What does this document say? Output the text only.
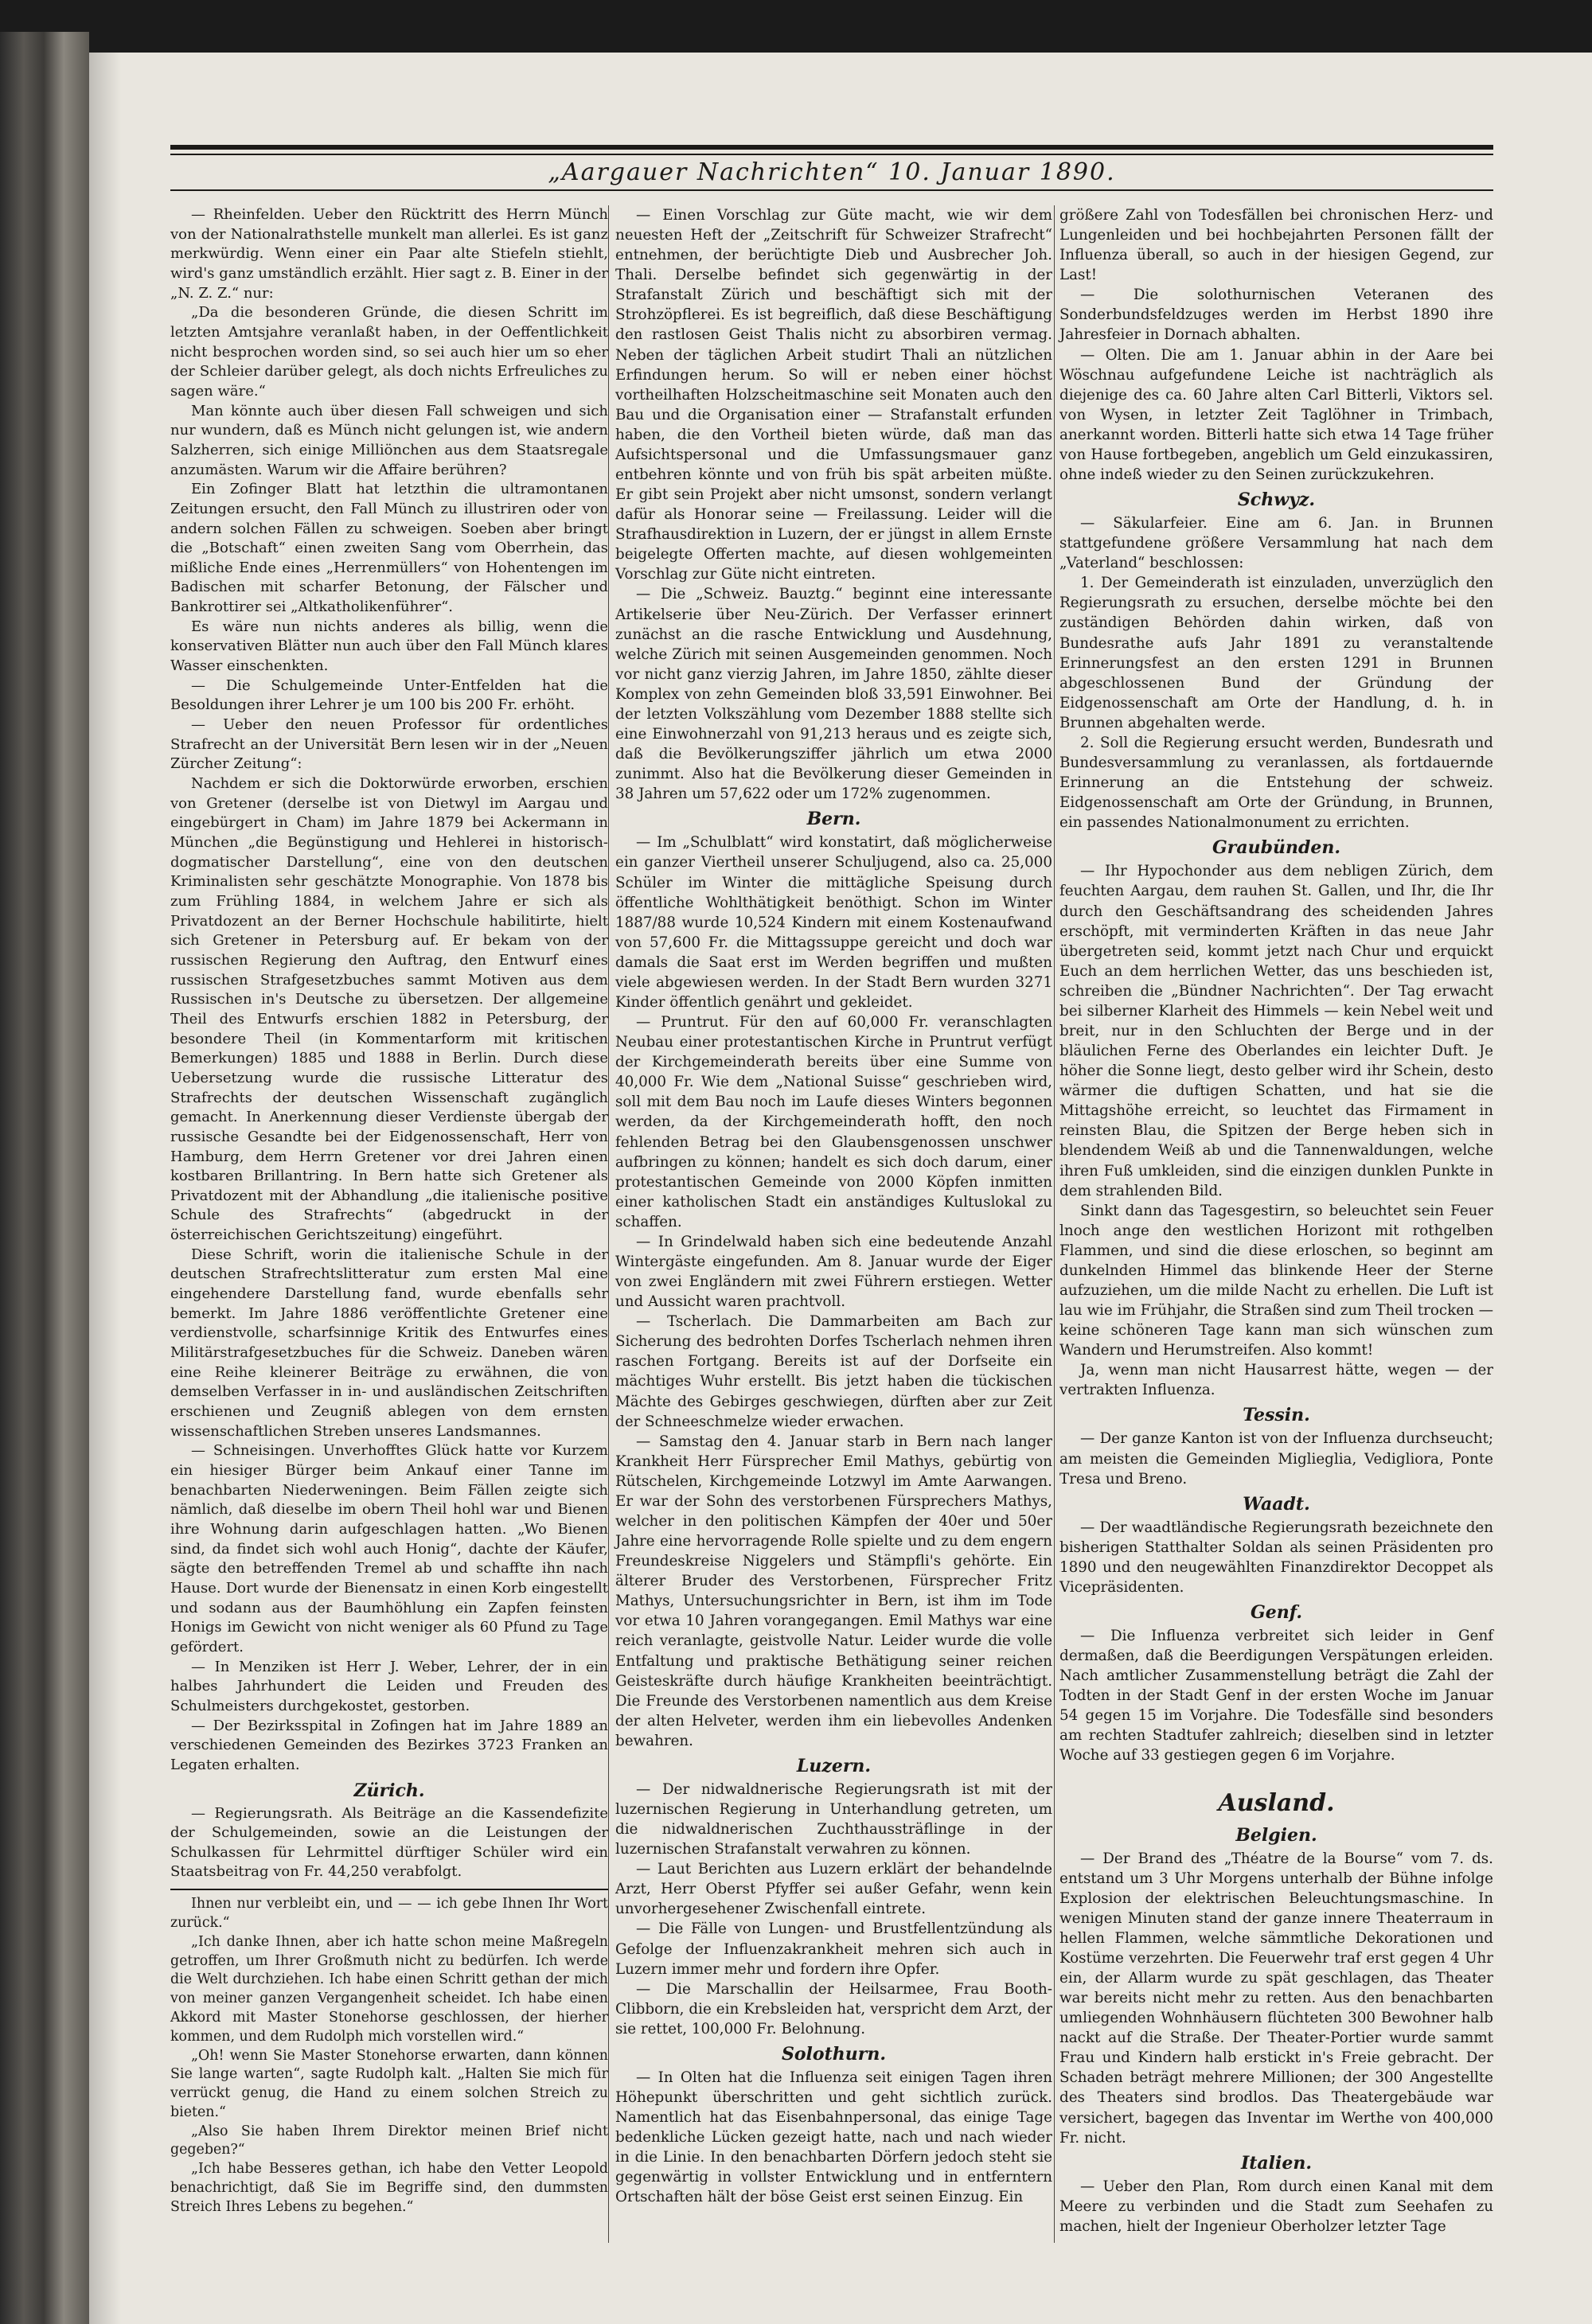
„Aargauer Nachrichten“ 10. Januar 1890.

— Rheinfelden. Ueber den Rücktritt des Herrn Münch von der Nationalrathstelle munkelt man allerlei. Es ist ganz merkwürdig. Wenn einer ein Paar alte Stiefeln stiehlt, wird's ganz umständlich erzählt. Hier sagt z. B. Einer in der „N. Z. Z.“ nur:

„Da die besonderen Gründe, die diesen Schritt im letzten Amtsjahre veranlaßt haben, in der Oeffentlichkeit nicht besprochen worden sind, so sei auch hier um so eher der Schleier darüber gelegt, als doch nichts Erfreuliches zu sagen wäre.“

Man könnte auch über diesen Fall schweigen und sich nur wundern, daß es Münch nicht gelungen ist, wie andern Salzherren, sich einige Milliönchen aus dem Staatsregale anzumästen. Warum wir die Affaire berühren?

Ein Zofinger Blatt hat letzthin die ultramontanen Zeitungen ersucht, den Fall Münch zu illustriren oder von andern solchen Fällen zu schweigen. Soeben aber bringt die „Botschaft“ einen zweiten Sang vom Oberrhein, das mißliche Ende eines „Herrenmüllers“ von Hohentengen im Badischen mit scharfer Betonung, der Fälscher und Bankrottirer sei „Altkatholikenführer“.

Es wäre nun nichts anderes als billig, wenn die konservativen Blätter nun auch über den Fall Münch klares Wasser einschenkten.

— Die Schulgemeinde Unter-Entfelden hat die Besoldungen ihrer Lehrer je um 100 bis 200 Fr. erhöht.

— Ueber den neuen Professor für ordentliches Strafrecht an der Universität Bern lesen wir in der „Neuen Zürcher Zeitung“:

Nachdem er sich die Doktorwürde erworben, erschien von Gretener (derselbe ist von Dietwyl im Aargau und eingebürgert in Cham) im Jahre 1879 bei Ackermann in München „die Begünstigung und Hehlerei in historisch-dogmatischer Darstellung“, eine von den deutschen Kriminalisten sehr geschätzte Monographie. Von 1878 bis zum Frühling 1884, in welchem Jahre er sich als Privatdozent an der Berner Hochschule habilitirte, hielt sich Gretener in Petersburg auf. Er bekam von der russischen Regierung den Auftrag, den Entwurf eines russischen Strafgesetzbuches sammt Motiven aus dem Russischen in's Deutsche zu übersetzen. Der allgemeine Theil des Entwurfs erschien 1882 in Petersburg, der besondere Theil (in Kommentarform mit kritischen Bemerkungen) 1885 und 1888 in Berlin. Durch diese Uebersetzung wurde die russische Litteratur des Strafrechts der deutschen Wissenschaft zugänglich gemacht. In Anerkennung dieser Verdienste übergab der russische Gesandte bei der Eidgenossenschaft, Herr von Hamburg, dem Herrn Gretener vor drei Jahren einen kostbaren Brillantring. In Bern hatte sich Gretener als Privatdozent mit der Abhandlung „die italienische positive Schule des Strafrechts“ (abgedruckt in der österreichischen Gerichtszeitung) eingeführt.

Diese Schrift, worin die italienische Schule in der deutschen Strafrechtslitteratur zum ersten Mal eine eingehendere Darstellung fand, wurde ebenfalls sehr bemerkt. Im Jahre 1886 veröffentlichte Gretener eine verdienstvolle, scharfsinnige Kritik des Entwurfes eines Militärstrafgesetzbuches für die Schweiz. Daneben wären eine Reihe kleinerer Beiträge zu erwähnen, die von demselben Verfasser in in- und ausländischen Zeitschriften erschienen und Zeugniß ablegen von dem ernsten wissenschaftlichen Streben unseres Landsmannes.

— Schneisingen. Unverhofftes Glück hatte vor Kurzem ein hiesiger Bürger beim Ankauf einer Tanne im benachbarten Niederweningen. Beim Fällen zeigte sich nämlich, daß dieselbe im obern Theil hohl war und Bienen ihre Wohnung darin aufgeschlagen hatten. „Wo Bienen sind, da findet sich wohl auch Honig“, dachte der Käufer, sägte den betreffenden Tremel ab und schaffte ihn nach Hause. Dort wurde der Bienensatz in einen Korb eingestellt und sodann aus der Baumhöhlung ein Zapfen feinsten Honigs im Gewicht von nicht weniger als 60 Pfund zu Tage gefördert.

— In Menziken ist Herr J. Weber, Lehrer, der in ein halbes Jahrhundert die Leiden und Freuden des Schulmeisters durchgekostet, gestorben.

— Der Bezirksspital in Zofingen hat im Jahre 1889 an verschiedenen Gemeinden des Bezirkes 3723 Franken an Legaten erhalten.

Zürich.

— Regierungsrath. Als Beiträge an die Kassendefizite der Schulgemeinden, sowie an die Leistungen der Schulkassen für Lehrmittel dürftiger Schüler wird ein Staatsbeitrag von Fr. 44,250 verabfolgt.

Ihnen nur verbleibt ein, und — — ich gebe Ihnen Ihr Wort zurück.“

„Ich danke Ihnen, aber ich hatte schon meine Maßregeln getroffen, um Ihrer Großmuth nicht zu bedürfen. Ich werde die Welt durchziehen. Ich habe einen Schritt gethan der mich von meiner ganzen Vergangenheit scheidet. Ich habe einen Akkord mit Master Stonehorse geschlossen, der hierher kommen, und dem Rudolph mich vorstellen wird.“

„Oh! wenn Sie Master Stonehorse erwarten, dann können Sie lange warten“, sagte Rudolph kalt. „Halten Sie mich für verrückt genug, die Hand zu einem solchen Streich zu bieten.“

„Also Sie haben Ihrem Direktor meinen Brief nicht gegeben?“

„Ich habe Besseres gethan, ich habe den Vetter Leopold benachrichtigt, daß Sie im Begriffe sind, den dummsten Streich Ihres Lebens zu begehen.“

— Einen Vorschlag zur Güte macht, wie wir dem neuesten Heft der „Zeitschrift für Schweizer Strafrecht“ entnehmen, der berüchtigte Dieb und Ausbrecher Joh. Thali. Derselbe befindet sich gegenwärtig in der Strafanstalt Zürich und beschäftigt sich mit der Strohzöpflerei. Es ist begreiflich, daß diese Beschäftigung den rastlosen Geist Thalis nicht zu absorbiren vermag. Neben der täglichen Arbeit studirt Thali an nützlichen Erfindungen herum. So will er neben einer höchst vortheilhaften Holzscheitmaschine seit Monaten auch den Bau und die Organisation einer — Strafanstalt erfunden haben, die den Vortheil bieten würde, daß man das Aufsichtspersonal und die Umfassungsmauer ganz entbehren könnte und von früh bis spät arbeiten müßte. Er gibt sein Projekt aber nicht umsonst, sondern verlangt dafür als Honorar seine — Freilassung. Leider will die Strafhausdirektion in Luzern, der er jüngst in allem Ernste beigelegte Offerten machte, auf diesen wohlgemeinten Vorschlag zur Güte nicht eintreten.

— Die „Schweiz. Bauztg.“ beginnt eine interessante Artikelserie über Neu-Zürich. Der Verfasser erinnert zunächst an die rasche Entwicklung und Ausdehnung, welche Zürich mit seinen Ausgemeinden genommen. Noch vor nicht ganz vierzig Jahren, im Jahre 1850, zählte dieser Komplex von zehn Gemeinden bloß 33,591 Einwohner. Bei der letzten Volkszählung vom Dezember 1888 stellte sich eine Einwohnerzahl von 91,213 heraus und es zeigte sich, daß die Bevölkerungsziffer jährlich um etwa 2000 zunimmt. Also hat die Bevölkerung dieser Gemeinden in 38 Jahren um 57,622 oder um 172% zugenommen.

Bern.

— Im „Schulblatt“ wird konstatirt, daß möglicherweise ein ganzer Viertheil unserer Schuljugend, also ca. 25,000 Schüler im Winter die mittägliche Speisung durch öffentliche Wohlthätigkeit benöthigt. Schon im Winter 1887/88 wurde 10,524 Kindern mit einem Kostenaufwand von 57,600 Fr. die Mittagssuppe gereicht und doch war damals die Saat erst im Werden begriffen und mußten viele abgewiesen werden. In der Stadt Bern wurden 3271 Kinder öffentlich genährt und gekleidet.

— Pruntrut. Für den auf 60,000 Fr. veranschlagten Neubau einer protestantischen Kirche in Pruntrut verfügt der Kirchgemeinderath bereits über eine Summe von 40,000 Fr. Wie dem „National Suisse“ geschrieben wird, soll mit dem Bau noch im Laufe dieses Winters begonnen werden, da der Kirchgemeinderath hofft, den noch fehlenden Betrag bei den Glaubensgenossen unschwer aufbringen zu können; handelt es sich doch darum, einer protestantischen Gemeinde von 2000 Köpfen inmitten einer katholischen Stadt ein anständiges Kultuslokal zu schaffen.

— In Grindelwald haben sich eine bedeutende Anzahl Wintergäste eingefunden. Am 8. Januar wurde der Eiger von zwei Engländern mit zwei Führern erstiegen. Wetter und Aussicht waren prachtvoll.

— Tscherlach. Die Dammarbeiten am Bach zur Sicherung des bedrohten Dorfes Tscherlach nehmen ihren raschen Fortgang. Bereits ist auf der Dorfseite ein mächtiges Wuhr erstellt. Bis jetzt haben die tückischen Mächte des Gebirges geschwiegen, dürften aber zur Zeit der Schneeschmelze wieder erwachen.

— Samstag den 4. Januar starb in Bern nach langer Krankheit Herr Fürsprecher Emil Mathys, gebürtig von Rütschelen, Kirchgemeinde Lotzwyl im Amte Aarwangen. Er war der Sohn des verstorbenen Fürsprechers Mathys, welcher in den politischen Kämpfen der 40er und 50er Jahre eine hervorragende Rolle spielte und zu dem engern Freundeskreise Niggelers und Stämpfli's gehörte. Ein älterer Bruder des Verstorbenen, Fürsprecher Fritz Mathys, Untersuchungsrichter in Bern, ist ihm im Tode vor etwa 10 Jahren vorangegangen. Emil Mathys war eine reich veranlagte, geistvolle Natur. Leider wurde die volle Entfaltung und praktische Bethätigung seiner reichen Geisteskräfte durch häufige Krankheiten beeinträchtigt. Die Freunde des Verstorbenen namentlich aus dem Kreise der alten Helveter, werden ihm ein liebevolles Andenken bewahren.

Luzern.

— Der nidwaldnerische Regierungsrath ist mit der luzernischen Regierung in Unterhandlung getreten, um die nidwaldnerischen Zuchthaussträflinge in der luzernischen Strafanstalt verwahren zu können.

— Laut Berichten aus Luzern erklärt der behandelnde Arzt, Herr Oberst Pfyffer sei außer Gefahr, wenn kein unvorhergesehener Zwischenfall eintrete.

— Die Fälle von Lungen- und Brustfellentzündung als Gefolge der Influenzakrankheit mehren sich auch in Luzern immer mehr und fordern ihre Opfer.

— Die Marschallin der Heilsarmee, Frau Booth-Clibborn, die ein Krebsleiden hat, verspricht dem Arzt, der sie rettet, 100,000 Fr. Belohnung.

Solothurn.

— In Olten hat die Influenza seit einigen Tagen ihren Höhepunkt überschritten und geht sichtlich zurück. Namentlich hat das Eisenbahnpersonal, das einige Tage bedenkliche Lücken gezeigt hatte, nach und nach wieder in die Linie. In den benachbarten Dörfern jedoch steht sie gegenwärtig in vollster Entwicklung und in entferntern Ortschaften hält der böse Geist erst seinen Einzug. Ein

größere Zahl von Todesfällen bei chronischen Herz- und Lungenleiden und bei hochbejahrten Personen fällt der Influenza überall, so auch in der hiesigen Gegend, zur Last!

— Die solothurnischen Veteranen des Sonderbundsfeldzuges werden im Herbst 1890 ihre Jahresfeier in Dornach abhalten.

— Olten. Die am 1. Januar abhin in der Aare bei Wöschnau aufgefundene Leiche ist nachträglich als diejenige des ca. 60 Jahre alten Carl Bitterli, Viktors sel. von Wysen, in letzter Zeit Taglöhner in Trimbach, anerkannt worden. Bitterli hatte sich etwa 14 Tage früher von Hause fortbegeben, angeblich um Geld einzukassiren, ohne indeß wieder zu den Seinen zurückzukehren.

Schwyz.

— Säkularfeier. Eine am 6. Jan. in Brunnen stattgefundene größere Versammlung hat nach dem „Vaterland“ beschlossen:

1. Der Gemeinderath ist einzuladen, unverzüglich den Regierungsrath zu ersuchen, derselbe möchte bei den zuständigen Behörden dahin wirken, daß von Bundesrathe aufs Jahr 1891 zu veranstaltende Erinnerungsfest an den ersten 1291 in Brunnen abgeschlossenen Bund der Gründung der Eidgenossenschaft am Orte der Handlung, d. h. in Brunnen abgehalten werde.

2. Soll die Regierung ersucht werden, Bundesrath und Bundesversammlung zu veranlassen, als fortdauernde Erinnerung an die Entstehung der schweiz. Eidgenossenschaft am Orte der Gründung, in Brunnen, ein passendes Nationalmonument zu errichten.

Graubünden.

— Ihr Hypochonder aus dem nebligen Zürich, dem feuchten Aargau, dem rauhen St. Gallen, und Ihr, die Ihr durch den Geschäftsandrang des scheidenden Jahres erschöpft, mit verminderten Kräften in das neue Jahr übergetreten seid, kommt jetzt nach Chur und erquickt Euch an dem herrlichen Wetter, das uns beschieden ist, schreiben die „Bündner Nachrichten“. Der Tag erwacht bei silberner Klarheit des Himmels — kein Nebel weit und breit, nur in den Schluchten der Berge und in der bläulichen Ferne des Oberlandes ein leichter Duft. Je höher die Sonne liegt, desto gelber wird ihr Schein, desto wärmer die duftigen Schatten, und hat sie die Mittagshöhe erreicht, so leuchtet das Firmament in reinsten Blau, die Spitzen der Berge heben sich in blendendem Weiß ab und die Tannenwaldungen, welche ihren Fuß umkleiden, sind die einzigen dunklen Punkte in dem strahlenden Bild.

Sinkt dann das Tagesgestirn, so beleuchtet sein Feuer lnoch ange den westlichen Horizont mit rothgelben Flammen, und sind die diese erloschen, so beginnt am dunkelnden Himmel das blinkende Heer der Sterne aufzuziehen, um die milde Nacht zu erhellen. Die Luft ist lau wie im Frühjahr, die Straßen sind zum Theil trocken — keine schöneren Tage kann man sich wünschen zum Wandern und Herumstreifen. Also kommt!

Ja, wenn man nicht Hausarrest hätte, wegen — der vertrakten Influenza.

Tessin.

— Der ganze Kanton ist von der Influenza durchseucht; am meisten die Gemeinden Miglieglia, Vedigliora, Ponte Tresa und Breno.

Waadt.

— Der waadtländische Regierungsrath bezeichnete den bisherigen Statthalter Soldan als seinen Präsidenten pro 1890 und den neugewählten Finanzdirektor Decoppet als Vicepräsidenten.

Genf.

— Die Influenza verbreitet sich leider in Genf dermaßen, daß die Beerdigungen Verspätungen erleiden. Nach amtlicher Zusammenstellung beträgt die Zahl der Todten in der Stadt Genf in der ersten Woche im Januar 54 gegen 15 im Vorjahre. Die Todesfälle sind besonders am rechten Stadtufer zahlreich; dieselben sind in letzter Woche auf 33 gestiegen gegen 6 im Vorjahre.

Ausland.
Belgien.

— Der Brand des „Théatre de la Bourse“ vom 7. ds. entstand um 3 Uhr Morgens unterhalb der Bühne infolge Explosion der elektrischen Beleuchtungsmaschine. In wenigen Minuten stand der ganze innere Theaterraum in hellen Flammen, welche sämmtliche Dekorationen und Kostüme verzehrten. Die Feuerwehr traf erst gegen 4 Uhr ein, der Allarm wurde zu spät geschlagen, das Theater war bereits nicht mehr zu retten. Aus den benachbarten umliegenden Wohnhäusern flüchteten 300 Bewohner halb nackt auf die Straße. Der Theater-Portier wurde sammt Frau und Kindern halb erstickt in's Freie gebracht. Der Schaden beträgt mehrere Millionen; der 300 Angestellte des Theaters sind brodlos. Das Theatergebäude war versichert, bagegen das Inventar im Werthe von 400,000 Fr. nicht.

Italien.

— Ueber den Plan, Rom durch einen Kanal mit dem Meere zu verbinden und die Stadt zum Seehafen zu machen, hielt der Ingenieur Oberholzer letzter Tage
